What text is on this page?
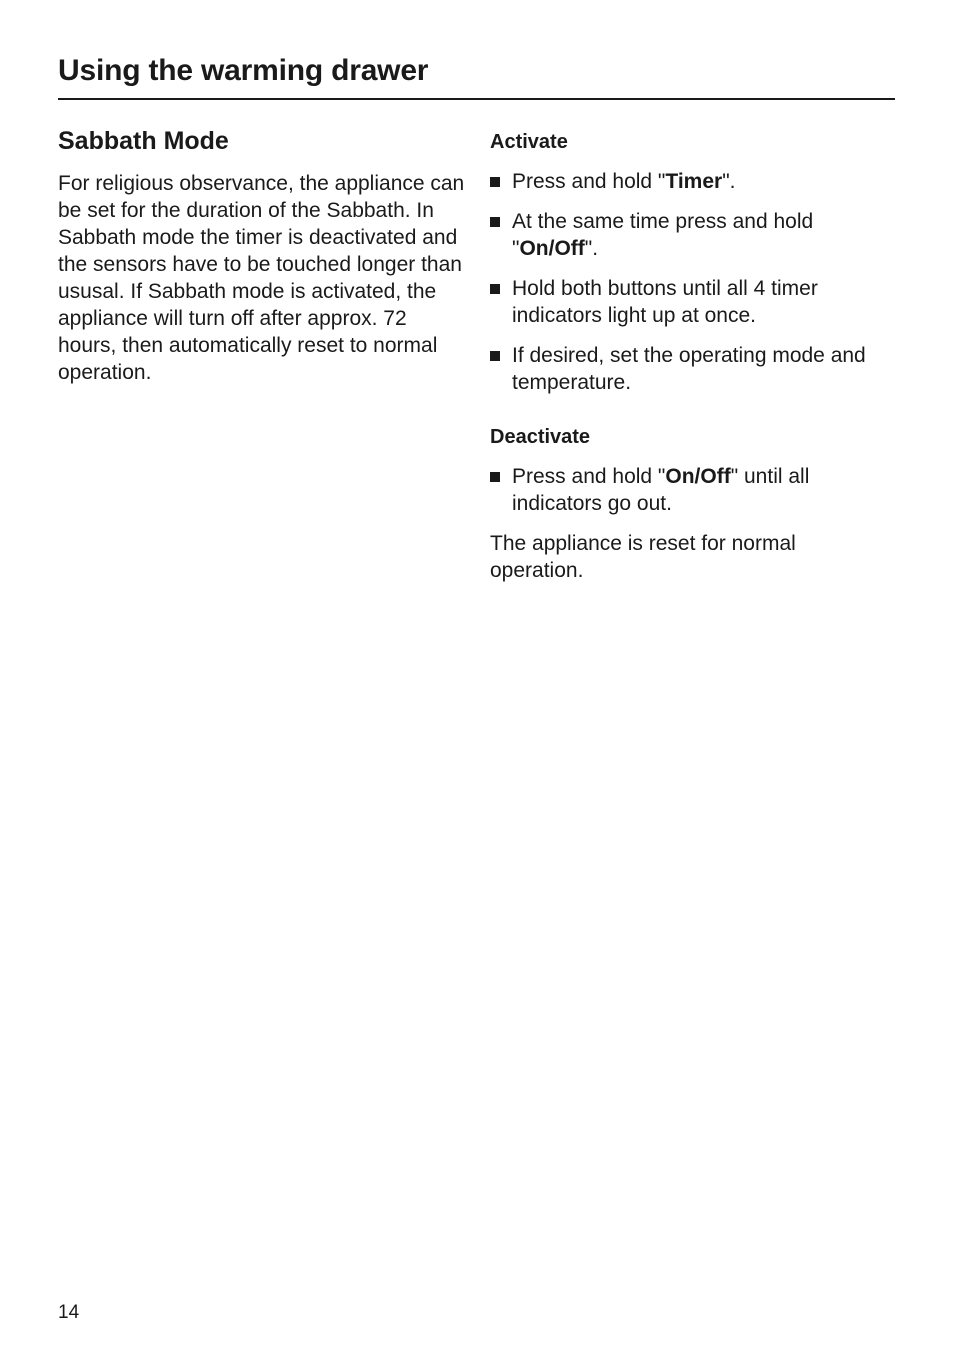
Using the warming drawer
Sabbath Mode

For religious observance, the appliance can be set for the duration of the Sabbath. In Sabbath mode the timer is deactivated and the sensors have to be touched longer than ususal. If Sabbath mode is activated, the appliance will turn off after approx. 72 hours, then automatically reset to normal operation.

Activate
Press and hold "Timer".
At the same time press and hold "On/Off".
Hold both buttons until all 4 timer indicators light up at once.
If desired, set the operating mode and temperature.
Deactivate
Press and hold "On/Off" until all indicators go out.

The appliance is reset for normal operation.

14
